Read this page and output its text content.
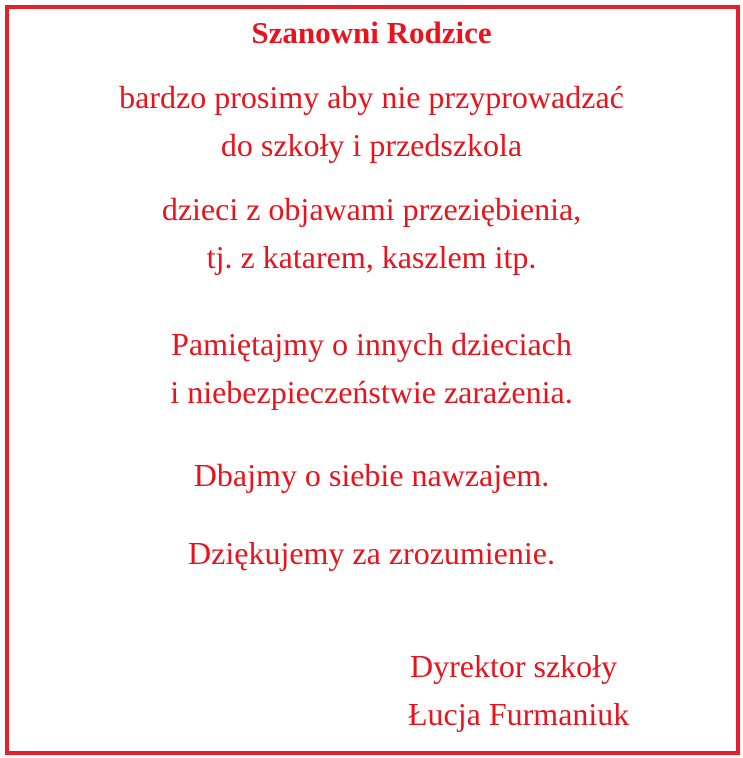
Szanowni Rodzice
bardzo prosimy aby nie przyprowadzać
do szkoły i przedszkola
dzieci z objawami przeziębienia,
tj. z katarem, kaszlem itp.
Pamiętajmy o innych dzieciach
i niebezpieczeństwie zarażenia.
Dbajmy o siebie nawzajem.
Dziękujemy za zrozumienie.
Dyrektor szkoły
Łucja Furmaniuk
